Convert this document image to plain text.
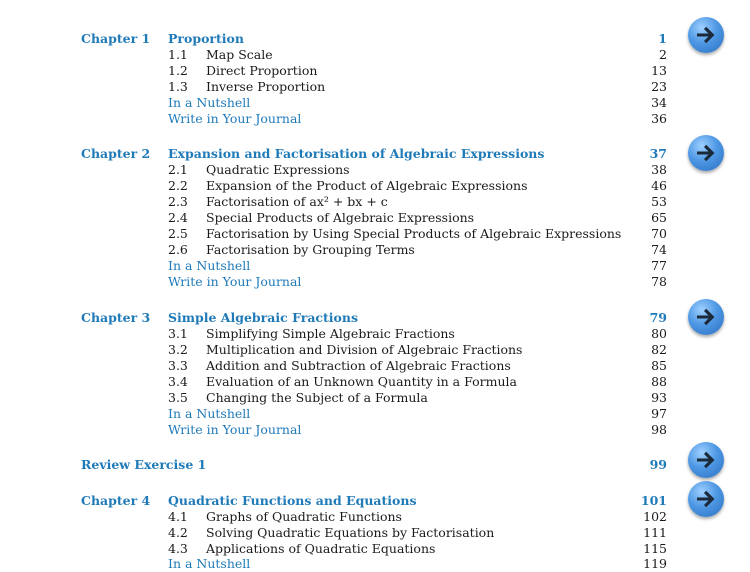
Chapter 1 Proportion	1
1.1 Map Scale	2
1.2 Direct Proportion	13
1.3 Inverse Proportion	23
In a Nutshell	34
Write in Your Journal	36
Chapter 2 Expansion and Factorisation of Algebraic Expressions	37
2.1 Quadratic Expressions	38
2.2 Expansion of the Product of Algebraic Expressions	46
2.3 Factorisation of ax² + bx + c	53
2.4 Special Products of Algebraic Expressions	65
2.5 Factorisation by Using Special Products of Algebraic Expressions	70
2.6 Factorisation by Grouping Terms	74
In a Nutshell	77
Write in Your Journal	78
Chapter 3 Simple Algebraic Fractions	79
3.1 Simplifying Simple Algebraic Fractions	80
3.2 Multiplication and Division of Algebraic Fractions	82
3.3 Addition and Subtraction of Algebraic Fractions	85
3.4 Evaluation of an Unknown Quantity in a Formula	88
3.5 Changing the Subject of a Formula	93
In a Nutshell	97
Write in Your Journal	98
Review Exercise 1	99
Chapter 4 Quadratic Functions and Equations	101
4.1 Graphs of Quadratic Functions	102
4.2 Solving Quadratic Equations by Factorisation	111
4.3 Applications of Quadratic Equations	115
In a Nutshell	119
